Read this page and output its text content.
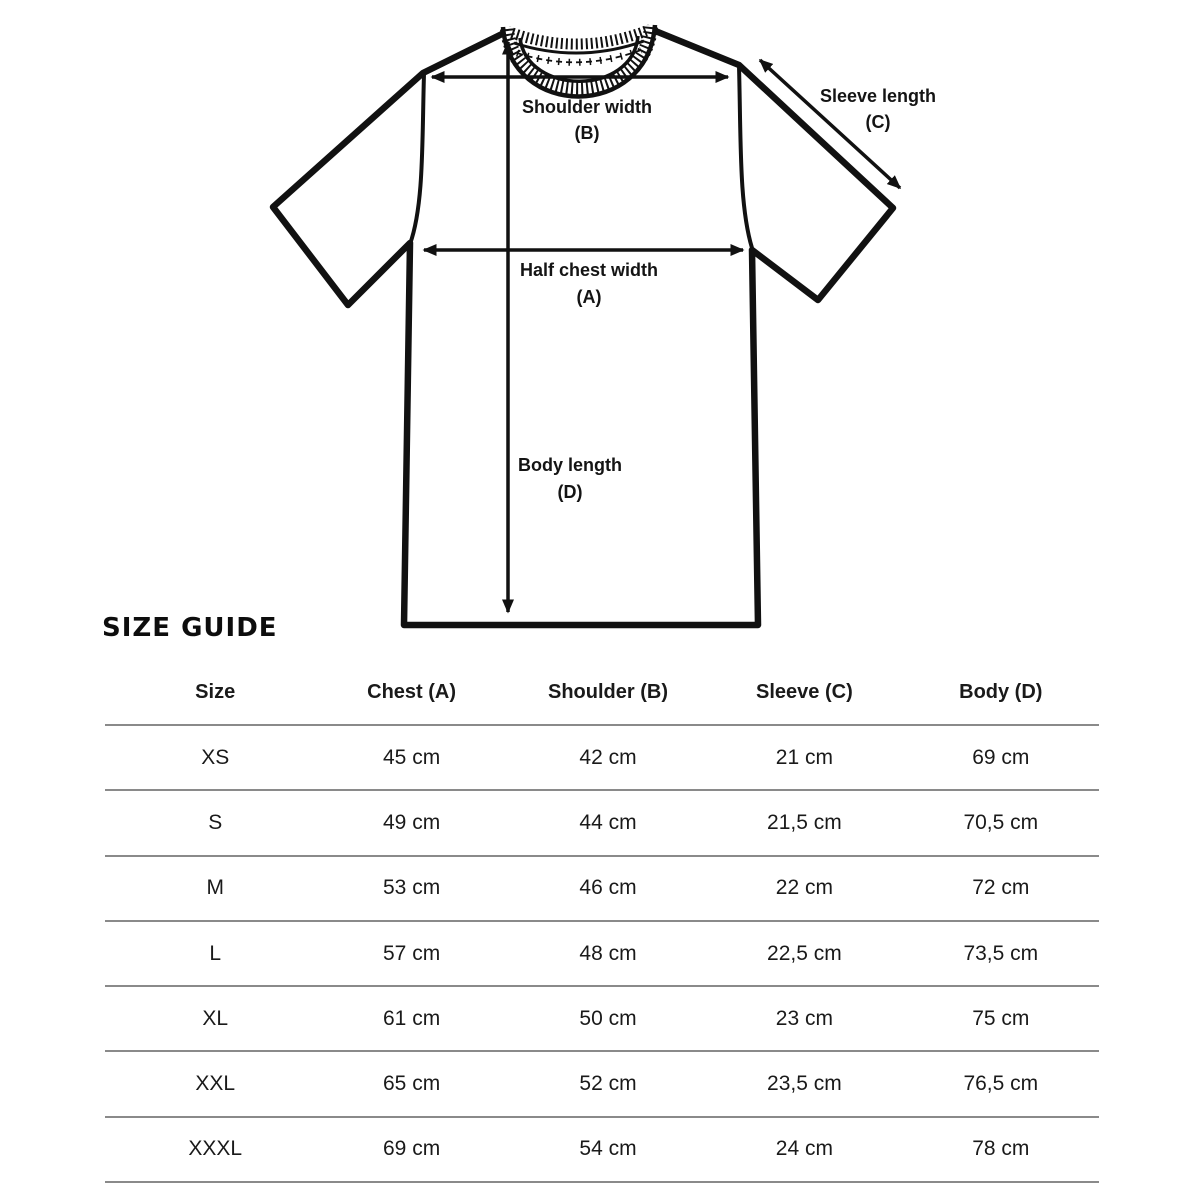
Shoulder width
(B)
Half chest width
(A)
Body length
(D)
Sleeve length
(C)
SIZE GUIDE
Size	Chest (A)	Shoulder (B)	Sleeve (C)	Body (D)
XS	45 cm	42 cm	21 cm	69 cm
S	49 cm	44 cm	21,5 cm	70,5 cm
M	53 cm	46 cm	22 cm	72 cm
L	57 cm	48 cm	22,5 cm	73,5 cm
XL	61 cm	50 cm	23 cm	75 cm
XXL	65 cm	52 cm	23,5 cm	76,5 cm
XXXL	69 cm	54 cm	24 cm	78 cm
